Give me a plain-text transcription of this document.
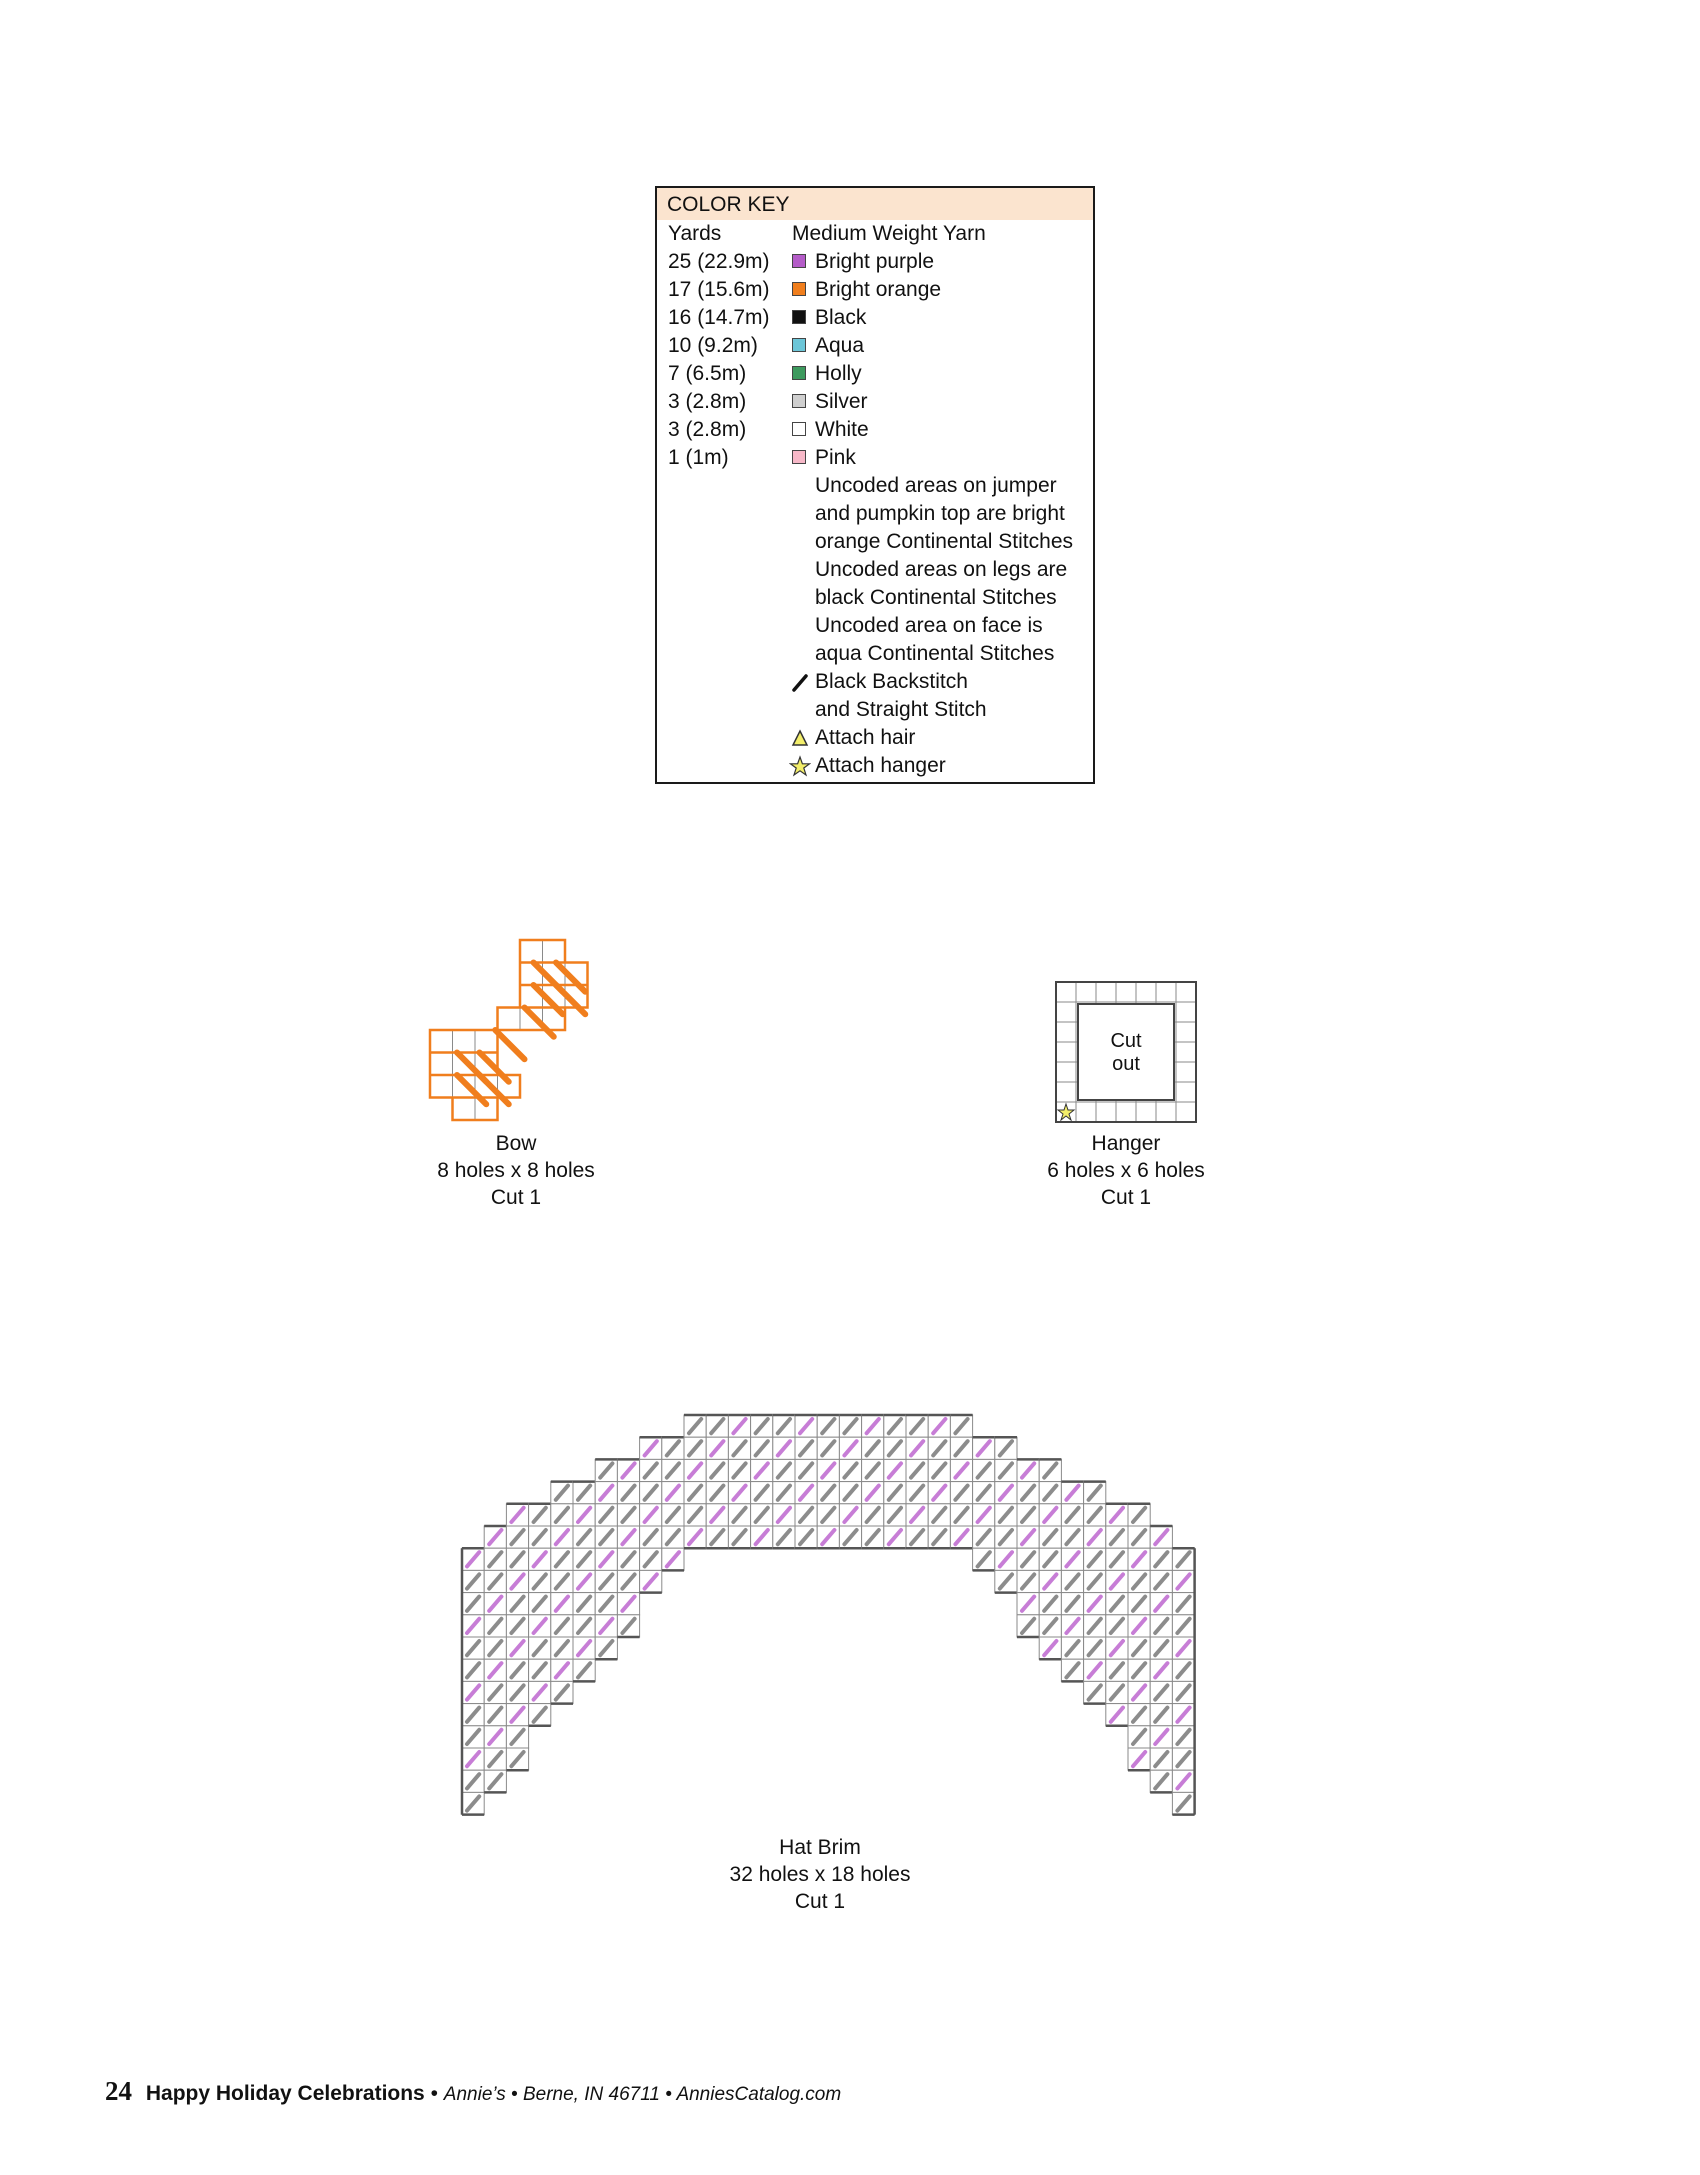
COLOR KEY
Yards	Medium Weight Yarn
25 (22.9m) Bright purple
17 (15.6m) Bright orange
16 (14.7m) Black
10 (9.2m)	Aqua
7 (6.5m)	Holly
3 (2.8m)	Silver
3 (2.8m)	White
1 (1m)	Pink
Uncoded areas on jumper
and pumpkin top are bright
orange Continental Stitches
Uncoded areas on legs are
black Continental Stitches
Uncoded area on face is
aqua Continental Stitches
Black Backstitch
and Straight Stitch
Attach hair
Attach hanger
Bow
8 holes x 8 holes
Cut 1
Cut
out
Hanger
6 holes x 6 holes
Cut 1
Hat Brim
32 holes x 18 holes
Cut 1
24 Happy Holiday Celebrations • Annie’s • Berne, IN 46711 • AnniesCatalog.com
